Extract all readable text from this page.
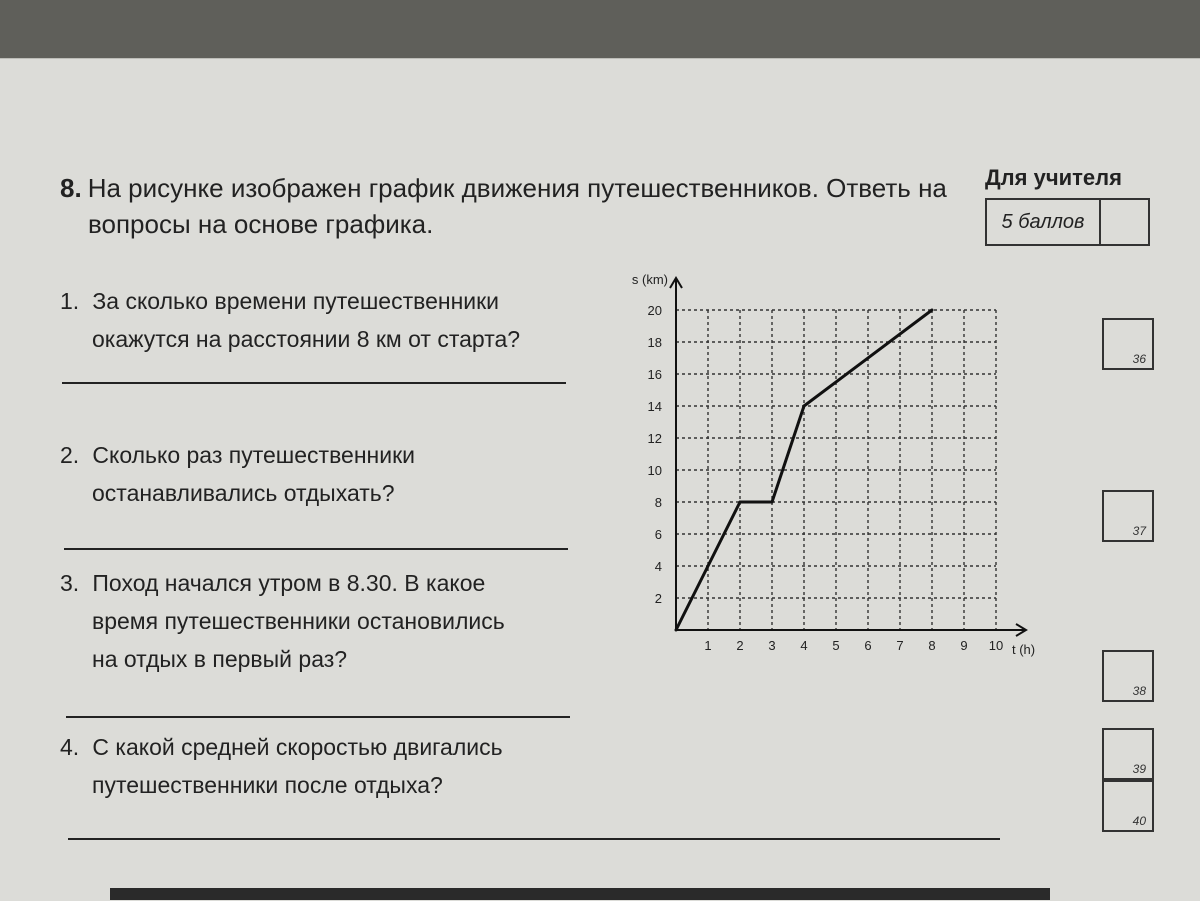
8. На рисунке изображен график движения путешественников. Ответь на
вопросы на основе графика.
Для учителя
5 баллов
1. За сколько времени путешественники
окажутся на расстоянии 8 км от старта?
2. Сколько раз путешественники
останавливались отдыхать?
3. Поход начался утром в 8.30. В какое
время путешественники остановились
на отдых в первый раз?
4. С какой средней скоростью двигались
путешественники после отдыха?
36
37
38
39
40
1 2 3 4 5 6 7 8 9 10
2
4
6
8
10
12
14
16
18
20
s (km)
t (h)
